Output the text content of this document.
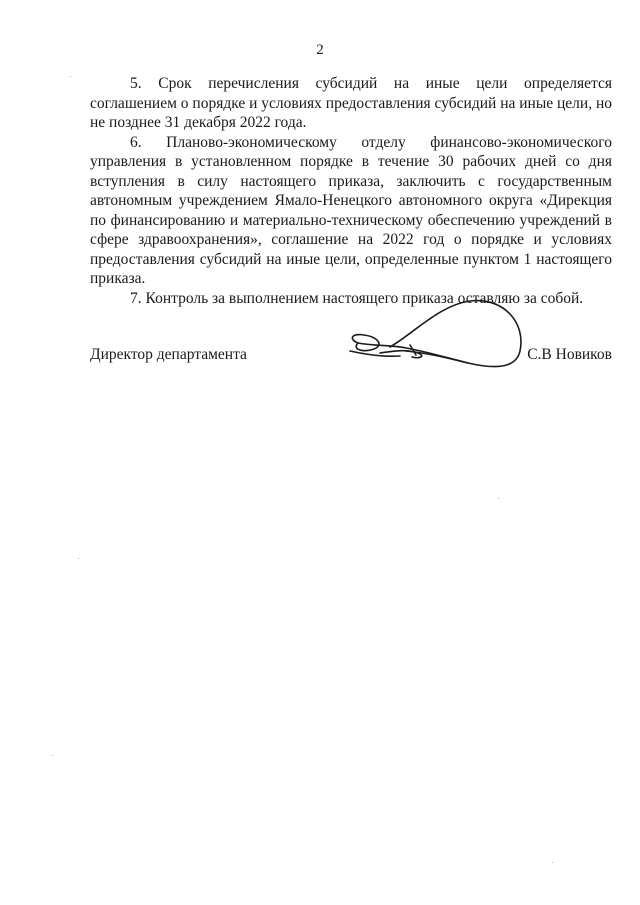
2

5. Срок перечисления субсидий на иные цели определяется соглашением о порядке и условиях предоставления субсидий на иные цели, но не позднее 31 декабря 2022 года.

6. Планово-экономическому отделу финансово-экономического управления в установленном порядке в течение 30 рабочих дней со дня вступления в силу настоящего приказа, заключить с государственным автономным учреждением Ямало-Ненецкого автономного округа «Дирекция по финансированию и материально-техническому обеспечению учреждений в сфере здравоохранения», соглашение на 2022 год о порядке и условиях предоставления субсидий на иные цели, определенные пунктом 1 настоящего приказа.

7. Контроль за выполнением настоящего приказа оставляю за собой.

Директор департамента	С.В Новиков
